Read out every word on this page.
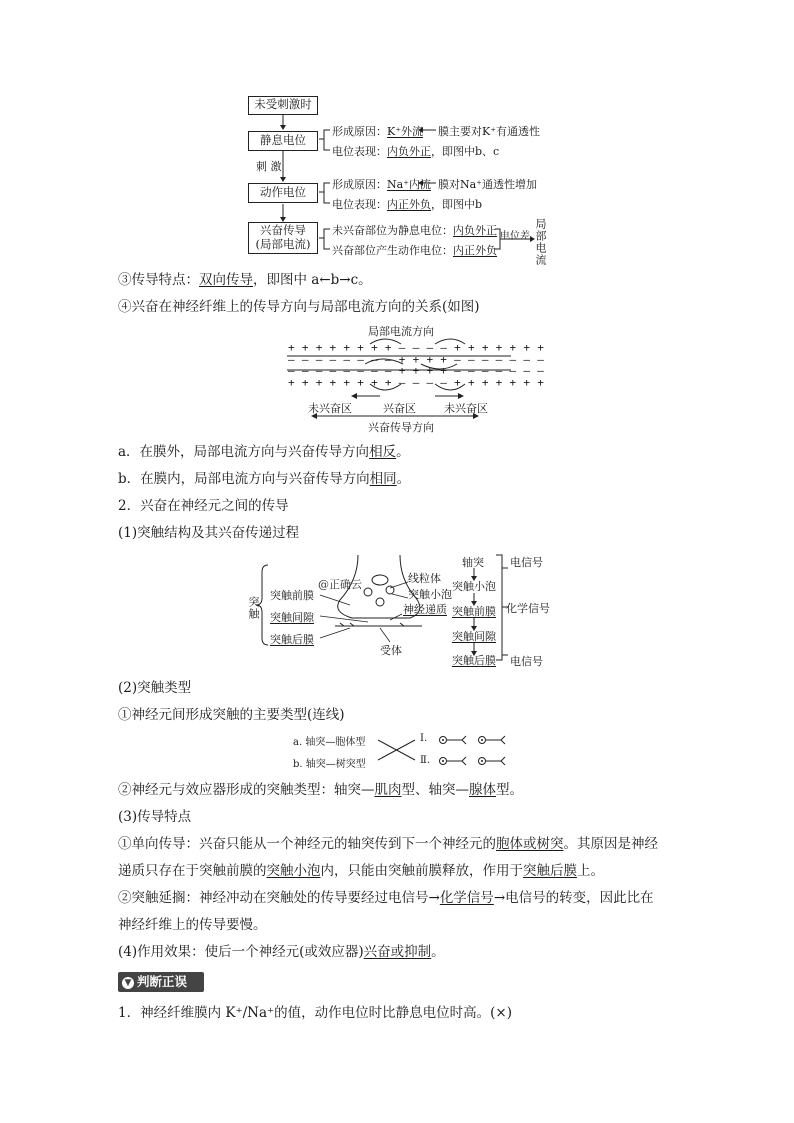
未受刺激时
静息电位
刺 激
动作电位
兴奋传导
(局部电流)
形成原因：K⁺外流 膜主要对K⁺有通透性
电位表现：内负外正，即图中b、c
形成原因：Na⁺内流 膜对Na⁺通透性增加
电位表现：内正外负，即图中b
未兴奋部位为静息电位：内负外正
兴奋部位产生动作电位：内正外负
电位差 局部电流
③传导特点：双向传导，即图中 a←b→c。
④兴奋在神经纤维上的传导方向与局部电流方向的关系(如图)
局部电流方向
+ + + + + + + + – – – – + + + + + + +
– – – – – – – – + + + + – – – – – – –
– – – – – – – – + + + + – – – – – – –
+ + + + + + + + – – – – + + + + + + +
未兴奋区	兴奋区	未兴奋区
兴奋传导方向
a．在膜外，局部电流方向与兴奋传导方向相反。
b．在膜内，局部电流方向与兴奋传导方向相同。
2．兴奋在神经元之间的传导
(1)突触结构及其兴奋传递过程
突触
突触前膜
突触间隙
突触后膜
@正确云	线粒体
突触小泡
神经递质
受体
轴突
突触小泡
突触前膜
突触间隙
突触后膜
电信号
化学信号
电信号
(2)突触类型
①神经元间形成突触的主要类型(连线)
a. 轴突—胞体型
b. 轴突—树突型
Ⅰ.
Ⅱ.
②神经元与效应器形成的突触类型：轴突—肌肉型、轴突—腺体型。
(3)传导特点
①单向传导：兴奋只能从一个神经元的轴突传到下一个神经元的胞体或树突。其原因是神经
递质只存在于突触前膜的突触小泡内，只能由突触前膜释放，作用于突触后膜上。
②突触延搁：神经冲动在突触处的传导要经过电信号→化学信号→电信号的转变，因此比在
神经纤维上的传导要慢。
(4)作用效果：使后一个神经元(或效应器)兴奋或抑制。
▼ 判断正误
1．神经纤维膜内 K⁺/Na⁺的值，动作电位时比静息电位时高。(×)
